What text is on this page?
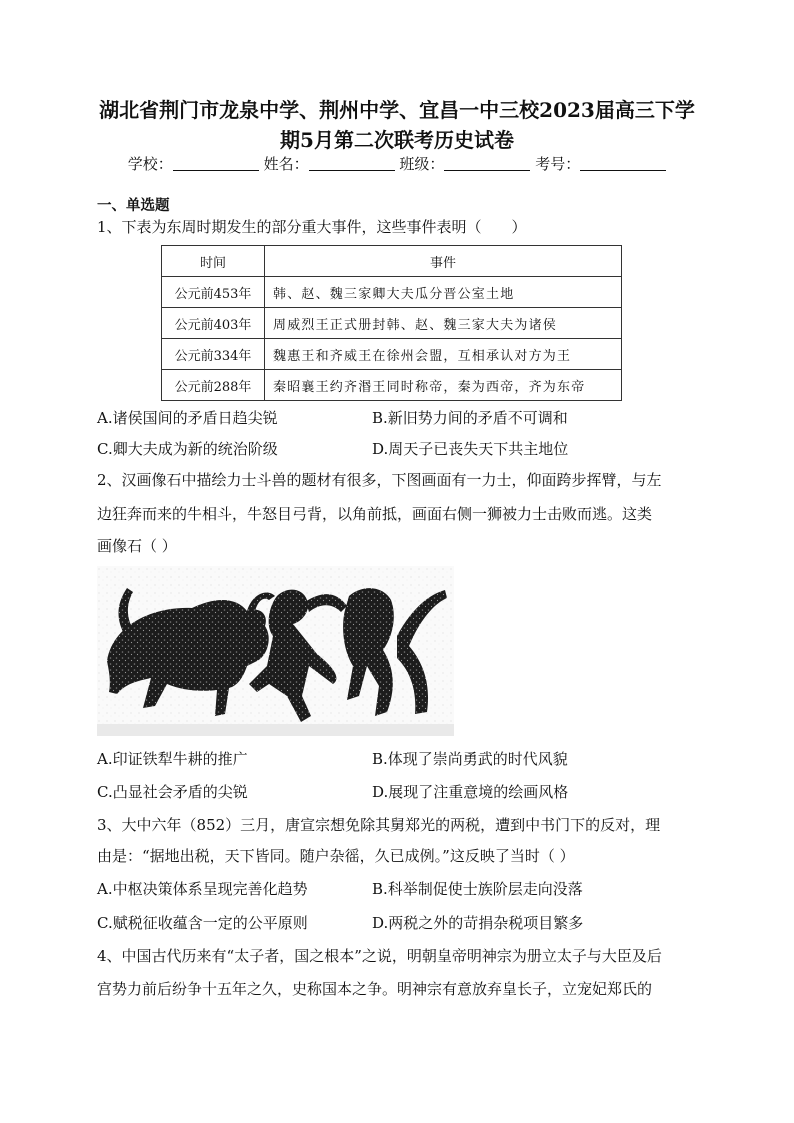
湖北省荆门市龙泉中学、荆州中学、宜昌一中三校2023届高三下学
期5月第二次联考历史试卷
学校：	姓名：	班级：	考号：
一、单选题
1、下表为东周时期发生的部分重大事件，这些事件表明（　　）
时间	事件
公元前453年	韩、赵、魏三家卿大夫瓜分晋公室土地
公元前403年	周威烈王正式册封韩、赵、魏三家大夫为诸侯
公元前334年	魏惠王和齐威王在徐州会盟，互相承认对方为王
公元前288年	秦昭襄王约齐湣王同时称帝，秦为西帝，齐为东帝
A.诸侯国间的矛盾日趋尖锐	B.新旧势力间的矛盾不可调和
C.卿大夫成为新的统治阶级	D.周天子已丧失天下共主地位
2、汉画像石中描绘力士斗兽的题材有很多，下图画面有一力士，仰面跨步挥臂，与左
边狂奔而来的牛相斗，牛怒目弓背，以角前抵，画面右侧一狮被力士击败而逃。这类
画像石（ ）
A.印证铁犁牛耕的推广	B.体现了崇尚勇武的时代风貌
C.凸显社会矛盾的尖锐	D.展现了注重意境的绘画风格
3、大中六年（852）三月，唐宣宗想免除其舅郑光的两税，遭到中书门下的反对，理
由是：“据地出税，天下皆同。随户杂徭，久已成例。”这反映了当时（ ）
A.中枢决策体系呈现完善化趋势	B.科举制促使士族阶层走向没落
C.赋税征收蕴含一定的公平原则	D.两税之外的苛捐杂税项目繁多
4、中国古代历来有“太子者，国之根本”之说，明朝皇帝明神宗为册立太子与大臣及后
宫势力前后纷争十五年之久，史称国本之争。明神宗有意放弃皇长子，立宠妃郑氏的
